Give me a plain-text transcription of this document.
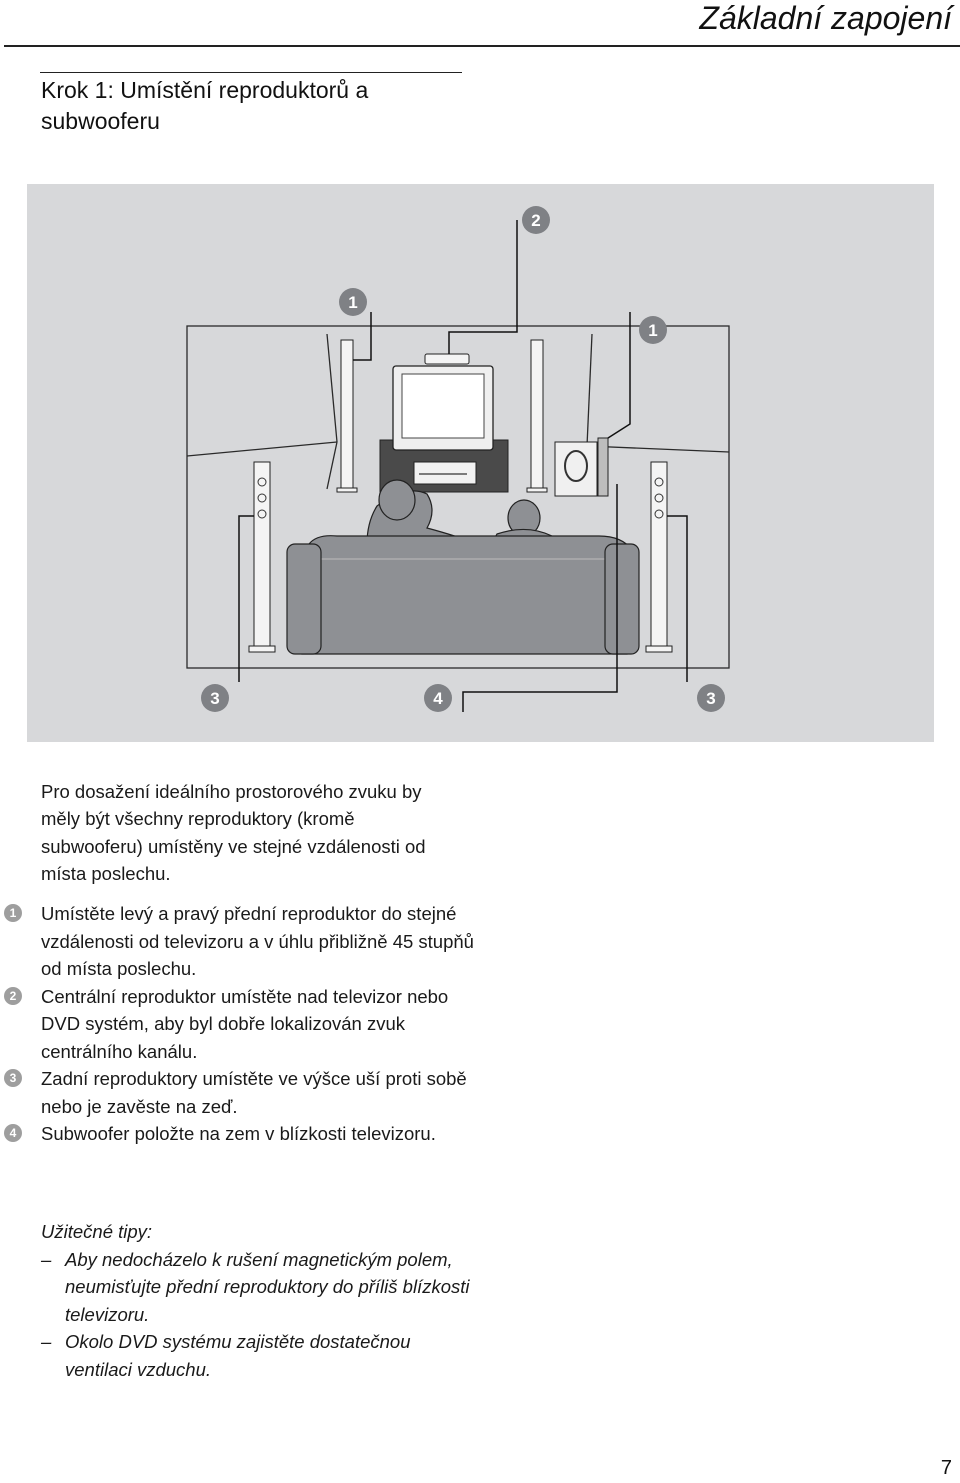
Základní zapojení
Krok 1: Umístění reproduktorů a subwooferu
2
1
1
3	4	3

Pro dosažení ideálního prostorového zvuku by měly být všechny reproduktory (kromě subwooferu) umístěny ve stejné vzdálenosti od místa poslechu.

1	Umístěte levý a pravý přední reproduktor do stejné vzdálenosti od televizoru a v úhlu přibližně 45 stupňů od místa poslechu.

2	Centrální reproduktor umístěte nad televizor nebo DVD systém, aby byl dobře lokalizován zvuk centrálního kanálu.

3	Zadní reproduktory umístěte ve výšce uší proti sobě nebo je zavěste na zeď.

4	Subwoofer položte na zem v blízkosti televizoru.

Užitečné tipy:

– Aby nedocházelo k rušení magnetickým polem, neumisťujte přední reproduktory do příliš blízkosti televizoru.

– Okolo DVD systému zajistěte dostatečnou ventilaci vzduchu.

7
